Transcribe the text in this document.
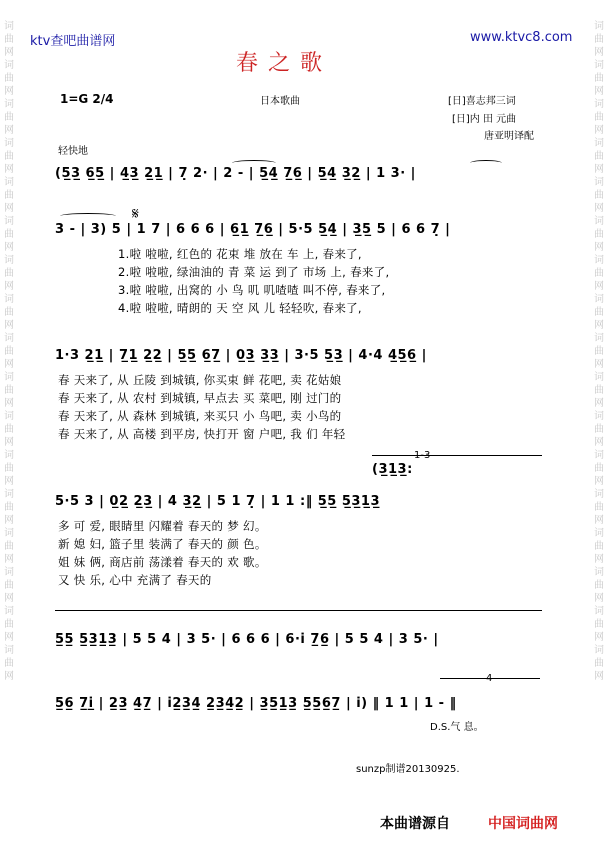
词曲网词曲网词曲网词曲网词曲网词曲网词曲网词曲网词曲网词曲网词曲网词曲网词曲网词曲网词曲网词曲网词曲网
词曲网词曲网词曲网词曲网词曲网词曲网词曲网词曲网词曲网词曲网词曲网词曲网词曲网词曲网词曲网词曲网词曲网
ktv查吧曲谱网	www.ktvc8.com
春之歌
1=G 2/4	日本歌曲	[日]喜志邦三词
[日]内 田 元曲
唐亚明译配
轻快地
(5̲3̲ 6̲5̲ | 4̲3̲ 2̲1̲ | 7̣ 2· | 2 - | 5̲4̲ 7̲6̲ | 5̲4̲ 3̲2̲ | 1 3· |
𝄋
3 - | 3) 5 | 1 7 | 6 6 6 | 6̲1̲ 7̲6̲ | 5·5 5̲4̲ | 3̲5̲ 5 | 6 6 7̣ |
1.啦 啦啦, 红色的 花束 堆 放在 车 上, 春来了,
2.啦 啦啦, 绿油油的 青 菜 运 到了 市场 上, 春来了,
3.啦 啦啦, 出窝的 小 鸟 叽 叽喳喳 叫不停, 春来了,
4.啦 啦啦, 晴朗的 天 空 风 儿 轻轻吹, 春来了,
1·3 2̲1̲ | 7̲1̲ 2̲2̲ | 5̲5̲ 6̲7̲ | 0̲3̲ 3̲3̲ | 3·5 5̲3̲ | 4·4 4̲5̲6̲ |
春 天来了, 从 丘陵 到城镇, 你买束 鲜 花吧, 卖 花姑娘
春 天来了, 从 农村 到城镇, 早点去 买 菜吧, 刚 过门的
春 天来了, 从 森林 到城镇, 来买只 小 鸟吧, 卖 小鸟的
春 天来了, 从 高楼 到平房, 快打开 窗 户吧, 我 们 年轻
1-3
(3̲1̲3̲:
5·5 3 | 0̲2̲ 2̲3̲ | 4 3̲2̲ | 5 1 7̣ | 1 1 :‖ 5̲5̲ 5̲3̲1̲3̲
多 可 爱, 眼睛里 闪耀着 春天的 梦 幻。
新 媳 妇, 篮子里 装满了 春天的 颜 色。
姐 妹 俩, 商店前 荡漾着 春天的 欢 歌。
又 快 乐, 心中 充满了 春天的
5̲5̲ 5̲3̲1̲3̲ | 5 5 4 | 3 5· | 6 6 6 | 6·i̇ 7̲6̲ | 5 5 4 | 3 5· |
4
5̲6̲ 7̲i̲̇ | 2̲3̲ 4̲7̲ | i̇2̲3̲4̲ 2̲3̲4̲2̲ | 3̲5̲1̲3̲ 5̲5̲6̲7̲ | i̇) ‖ 1 1 | 1 - ‖
D.S.气 息。
sunzp制谱20130925.
本曲谱源自	中国词曲网
